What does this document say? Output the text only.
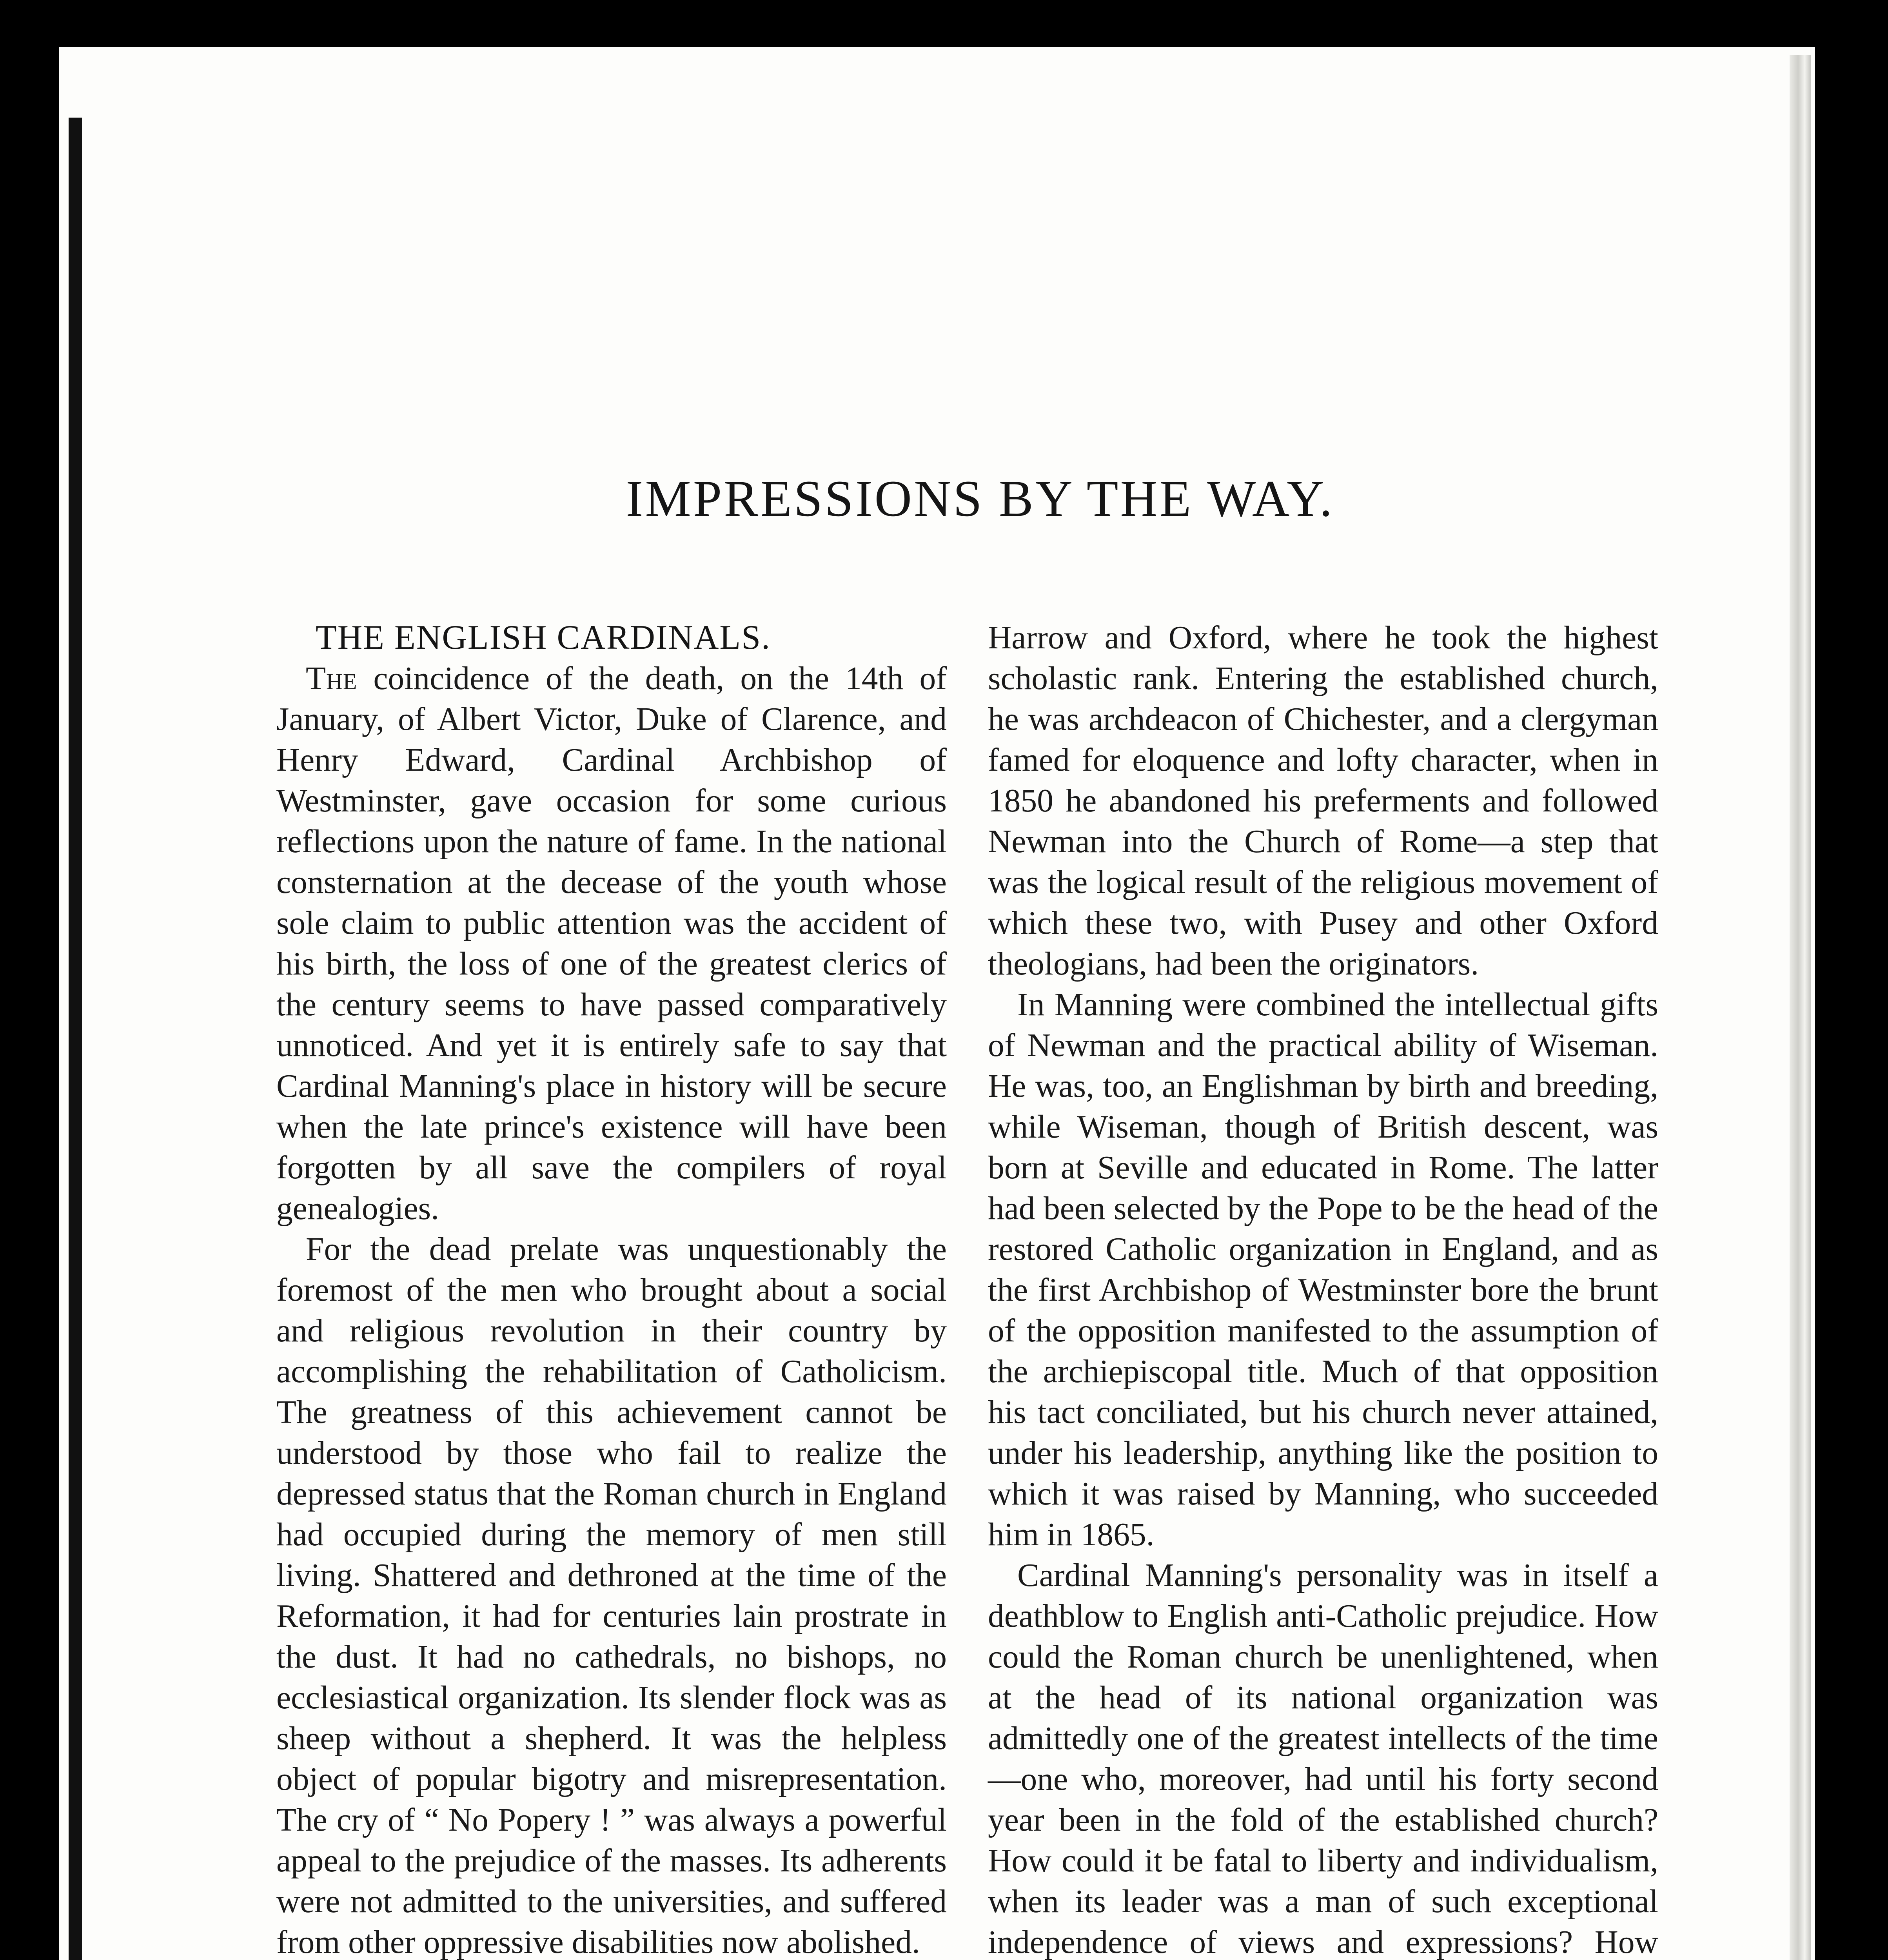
IMPRESSIONS BY THE WAY.
THE ENGLISH CARDINALS.

The coincidence of the death, on the 14th of January, of Albert Victor, Duke of Clarence, and Henry Edward, Cardinal Archbishop of Westminster, gave occasion for some curious reflections upon the nature of fame. In the national consternation at the decease of the youth whose sole claim to public attention was the accident of his birth, the loss of one of the greatest clerics of the century seems to have passed comparatively unnoticed. And yet it is entirely safe to say that Cardinal Manning's place in history will be secure when the late prince's existence will have been forgotten by all save the compilers of royal genealogies.

For the dead prelate was unquestionably the foremost of the men who brought about a social and religious revolution in their country by accomplishing the rehabilitation of Catholicism. The greatness of this achievement cannot be understood by those who fail to realize the depressed status that the Roman church in England had occupied during the memory of men still living. Shattered and dethroned at the time of the Reformation, it had for centuries lain prostrate in the dust. It had no cathedrals, no bishops, no ecclesiastical organization. Its slender flock was as sheep without a shepherd. It was the helpless object of popular bigotry and misrepresentation. The cry of “ No Popery ! ” was always a powerful appeal to the prejudice of the masses. Its adherents were not admitted to the universities, and suffered from other oppressive disabilities now abolished.

Harrow and Oxford, where he took the highest scholastic rank. Entering the established church, he was archdeacon of Chichester, and a clergyman famed for eloquence and lofty character, when in 1850 he abandoned his preferments and followed Newman into the Church of Rome—a step that was the logical result of the religious movement of which these two, with Pusey and other Oxford theologians, had been the originators.

In Manning were combined the intellectual gifts of Newman and the practical ability of Wiseman. He was, too, an Englishman by birth and breeding, while Wiseman, though of British descent, was born at Seville and educated in Rome. The latter had been selected by the Pope to be the head of the restored Catholic organization in England, and as the first Archbishop of Westminster bore the brunt of the opposition manifested to the assumption of the archiepiscopal title. Much of that opposition his tact conciliated, but his church never attained, under his leadership, anything like the position to which it was raised by Manning, who succeeded him in 1865.

Cardinal Manning's personality was in itself a deathblow to English anti-Catholic prejudice. How could the Roman church be unenlightened, when at the head of its national organization was admittedly one of the greatest intellects of the time—one who, moreover, had until his forty second year been in the fold of the established church? How could it be fatal to liberty and individualism, when its leader was a man of such exceptional independence of views and expressions? How
